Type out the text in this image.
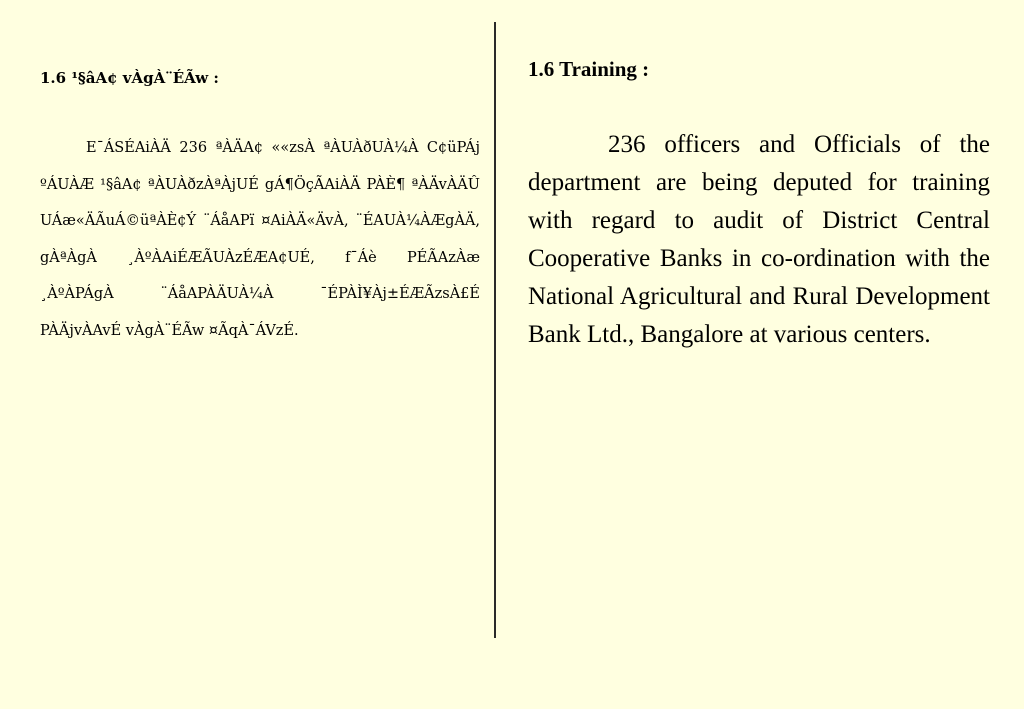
1.6 ¹§âA¢ vÀgÀ¨ÉÃw :

E¯ÁSÉAiÀÄ 236 ªÀÄA¢ ««zsÀ ªÀUÀðUÀ¼À C¢üPÁj ºÁUÀÆ ¹§âA¢ ªÀUÀðzÀªÀjUÉ gÁ¶ÖçÃAiÀÄ PÀÈ¶ ªÀÄvÀÄÛ UÁæ«ÄÃuÁ©üªÀÈ¢Ý ¨ÁåAPï ¤AiÀÄ«ÄvÀ, ¨ÉAUÀ¼ÀÆgÀÄ, gÀªÀgÀ ¸ÀºÀAiÉÆÃUÀzÉÆA¢UÉ, f¯Áè PÉÃAzÀæ ¸ÀºÀPÁgÀ ¨ÁåAPÀÄUÀ¼À ¯ÉPÀÌ¥Àj±ÉÆÃzsÀ£É PÀÄjvÀAvÉ vÀgÀ¨ÉÃw ¤ÃqÀ¯ÁVzÉ.

1.6 Training :

236 officers and Officials of the department are being deputed for training with regard to audit of District Central Cooperative Banks in co-ordination with the National Agricultural and Rural Development Bank Ltd., Bangalore at various centers.
